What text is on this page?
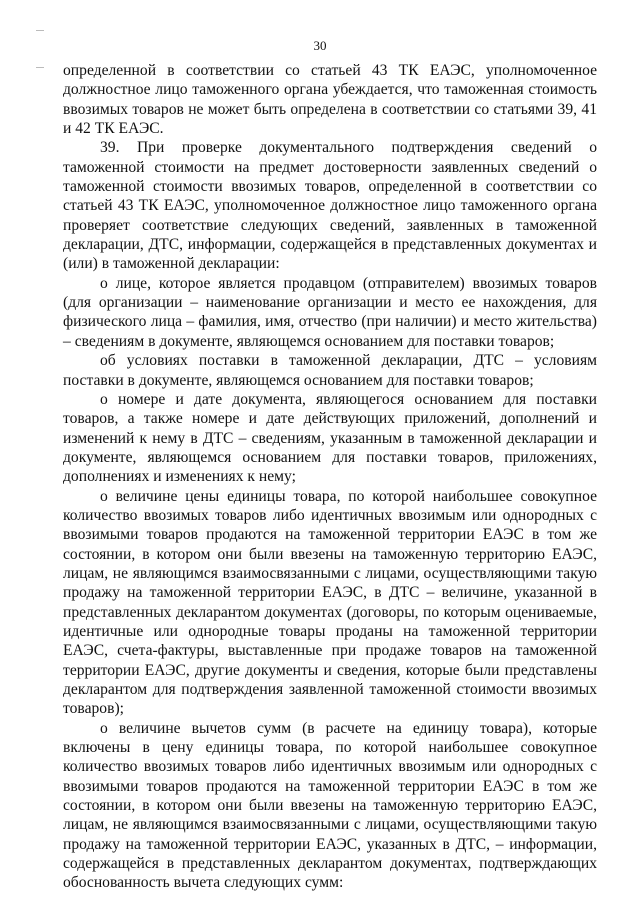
30

определенной в соответствии со статьей 43 ТК ЕАЭС, уполномоченное должностное лицо таможенного органа убеждается, что таможенная стоимость ввозимых товаров не может быть определена в соответствии со статьями 39, 41 и 42 ТК ЕАЭС.

39. При проверке документального подтверждения сведений о таможенной стоимости на предмет достоверности заявленных сведений о таможенной стоимости ввозимых товаров, определенной в соответствии со статьей 43 ТК ЕАЭС, уполномоченное должностное лицо таможенного органа проверяет соответствие следующих сведений, заявленных в таможенной декларации, ДТС, информации, содержащейся в представленных документах и (или) в таможенной декларации:

о лице, которое является продавцом (отправителем) ввозимых товаров (для организации – наименование организации и место ее нахождения, для физического лица – фамилия, имя, отчество (при наличии) и место жительства) – сведениям в документе, являющемся основанием для поставки товаров;

об условиях поставки в таможенной декларации, ДТС – условиям поставки в документе, являющемся основанием для поставки товаров;

о номере и дате документа, являющегося основанием для поставки товаров, а также номере и дате действующих приложений, дополнений и изменений к нему в ДТС – сведениям, указанным в таможенной декларации и документе, являющемся основанием для поставки товаров, приложениях, дополнениях и изменениях к нему;

о величине цены единицы товара, по которой наибольшее совокупное количество ввозимых товаров либо идентичных ввозимым или однородных с ввозимыми товаров продаются на таможенной территории ЕАЭС в том же состоянии, в котором они были ввезены на таможенную территорию ЕАЭС, лицам, не являющимся взаимосвязанными с лицами, осуществляющими такую продажу на таможенной территории ЕАЭС, в ДТС – величине, указанной в представленных декларантом документах (договоры, по которым оцениваемые, идентичные или однородные товары проданы на таможенной территории ЕАЭС, счета-фактуры, выставленные при продаже товаров на таможенной территории ЕАЭС, другие документы и сведения, которые были представлены декларантом для подтверждения заявленной таможенной стоимости ввозимых товаров);

о величине вычетов сумм (в расчете на единицу товара), которые включены в цену единицы товара, по которой наибольшее совокупное количество ввозимых товаров либо идентичных ввозимым или однородных с ввозимыми товаров продаются на таможенной территории ЕАЭС в том же состоянии, в котором они были ввезены на таможенную территорию ЕАЭС, лицам, не являющимся взаимосвязанными с лицами, осуществляющими такую продажу на таможенной территории ЕАЭС, указанных в ДТС, – информации, содержащейся в представленных декларантом документах, подтверждающих обоснованность вычета следующих сумм:
